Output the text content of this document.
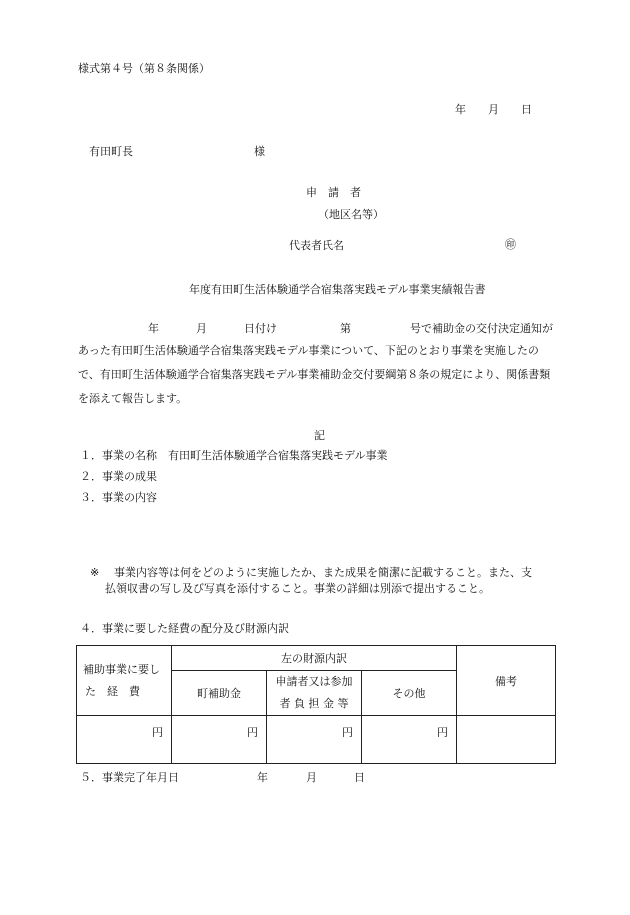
様式第４号（第８条関係）
年　　月　　日
有田町長　　　　　　　　　　　様
申　請　者
（地区名等）
代表者氏名	㊞
年度有田町生活体験通学合宿集落実践モデル事業実績報告書
年	月	日付け	第	号で補助金の交付決定通知が
あった有田町生活体験通学合宿集落実践モデル事業について、下記のとおり事業を実施したので、有田町生活体験通学合宿集落実践モデル事業補助金交付要綱第８条の規定により、関係書類を添えて報告します。
記
１．事業の名称　有田町生活体験通学合宿集落実践モデル事業
２．事業の成果
３．事業の内容
※ 事業内容等は何をどのように実施したか、また成果を簡潔に記載すること。また、支
払領収書の写し及び写真を添付すること。事業の詳細は別添で提出すること。
４．事業に要した経費の配分及び財源内訳
補助事業に要し
た　経　費	左の財源内訳			備考
	町補助金	申請者又は参加
者 負 担 金 等	その他	
円	円	円	円	
５．事業完了年月日	年	月	日
